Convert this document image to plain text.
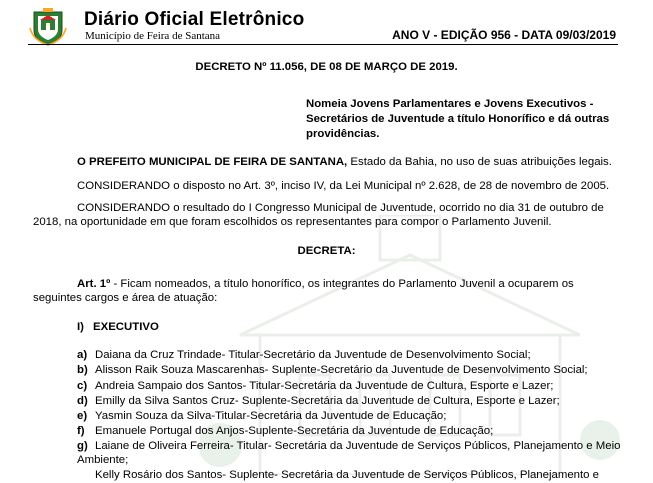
Diário Oficial Eletrônico
Município de Feira de Santana	ANO V - EDIÇÃO 956 - DATA 09/03/2019
DECRETO Nº 11.056, DE 08 DE MARÇO DE 2019.
Nomeia Jovens Parlamentares e Jovens Executivos -
Secretários de Juventude a título Honorífico e dá outras
providências.
O PREFEITO MUNICIPAL DE FEIRA DE SANTANA, Estado da Bahia, no uso de suas atribuições legais.
CONSIDERANDO o disposto no Art. 3º, inciso IV, da Lei Municipal nº 2.628, de 28 de novembro de 2005.
CONSIDERANDO o resultado do I Congresso Municipal de Juventude, ocorrido no dia 31 de outubro de
2018, na oportunidade em que foram escolhidos os representantes para compor o Parlamento Juvenil.
DECRETA:
Art. 1º - Ficam nomeados, a título honorífico, os integrantes do Parlamento Juvenil a ocuparem os
seguintes cargos e área de atuação:
I) EXECUTIVO
a) Daiana da Cruz Trindade- Titular-Secretário da Juventude de Desenvolvimento Social;
b) Alisson Raik Souza Mascarenhas- Suplente-Secretário da Juventude de Desenvolvimento Social;
c) Andreia Sampaio dos Santos- Titular-Secretária da Juventude de Cultura, Esporte e Lazer;
d) Emilly da Silva Santos Cruz- Suplente-Secretária da Juventude de Cultura, Esporte e Lazer;
e) Yasmin Souza da Silva-Titular-Secretária da Juventude de Educação;
f) Emanuele Portugal dos Anjos-Suplente-Secretária da Juventude de Educação;
g) Laiane de Oliveira Ferreira- Titular- Secretária da Juventude de Serviços Públicos, Planejamento e Meio
Ambiente;
Kelly Rosário dos Santos- Suplente- Secretária da Juventude de Serviços Públicos, Planejamento e
